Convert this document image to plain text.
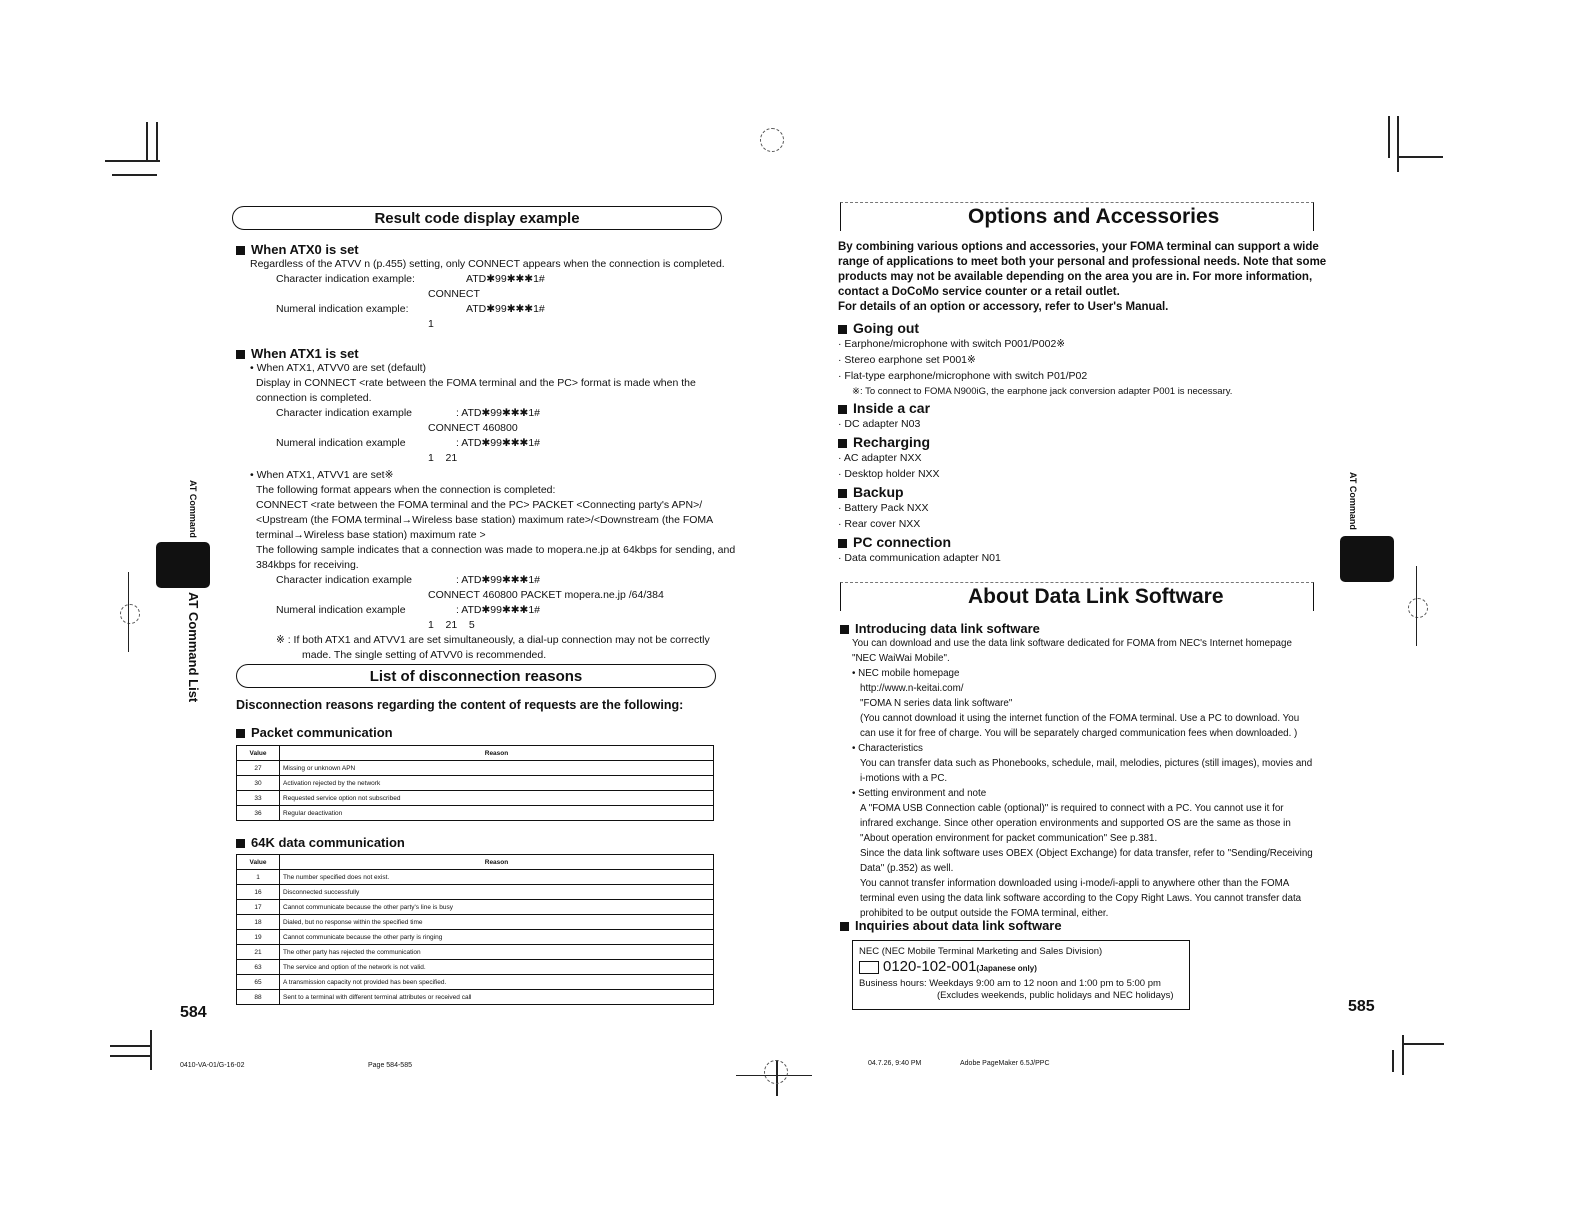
Result code display example
When ATX0 is set
Regardless of the ATVV n (p.455) setting, only CONNECT appears when the connection is completed.
Character indication example:	ATD✱99✱✱✱1#
CONNECT
Numeral indication example:	ATD✱99✱✱✱1#
1
When ATX1 is set
• When ATX1, ATVV0 are set (default)
Display in CONNECT <rate between the FOMA terminal and the PC> format is made when the
connection is completed.
Character indication example	: ATD✱99✱✱✱1#
CONNECT 460800
Numeral indication example	: ATD✱99✱✱✱1#
1    21
• When ATX1, ATVV1 are set※
The following format appears when the connection is completed:
CONNECT <rate between the FOMA terminal and the PC> PACKET <Connecting party's APN>/
<Upstream (the FOMA terminal→Wireless base station) maximum rate>/<Downstream (the FOMA
terminal→Wireless base station) maximum rate >
The following sample indicates that a connection was made to mopera.ne.jp at 64kbps for sending, and
384kbps for receiving.
Character indication example	: ATD✱99✱✱✱1#
CONNECT 460800 PACKET mopera.ne.jp /64/384
Numeral indication example	: ATD✱99✱✱✱1#
1    21    5
※ : If both ATX1 and ATVV1 are set simultaneously, a dial-up connection may not be correctly
made. The single setting of ATVV0 is recommended.
List of disconnection reasons
Disconnection reasons regarding the content of requests are the following:
Packet communication
Value	Reason
27	Missing or unknown APN
30	Activation rejected by the network
33	Requested service option not subscribed
36	Regular deactivation
64K data communication
Value	Reason
1	The number specified does not exist.
16	Disconnected successfully
17	Cannot communicate because the other party's line is busy
18	Dialed, but no response within the specified time
19	Cannot communicate because the other party is ringing
21	The other party has rejected the communication
63	The service and option of the network is not valid.
65	A transmission capacity not provided has been specified.
88	Sent to a terminal with different terminal attributes or received call
584
AT Command
AT Command List
0410-VA-01/G-16-02	Page 584-585
Options and Accessories
By combining various options and accessories, your FOMA terminal can support a wide
range of applications to meet both your personal and professional needs. Note that some
products may not be available depending on the area you are in. For more information,
contact a DoCoMo service counter or a retail outlet.
For details of an option or accessory, refer to User's Manual.
Going out
· Earphone/microphone with switch P001/P002※
· Stereo earphone set P001※
· Flat-type earphone/microphone with switch P01/P02
※: To connect to FOMA N900iG, the earphone jack conversion adapter P001 is necessary.
Inside a car
· DC adapter N03
Recharging
· AC adapter NXX
· Desktop holder NXX
Backup
· Battery Pack NXX
· Rear cover NXX
PC connection
· Data communication adapter N01
About Data Link Software
Introducing data link software
You can download and use the data link software dedicated for FOMA from NEC's Internet homepage
"NEC WaiWai Mobile".
• NEC mobile homepage
http://www.n-keitai.com/
"FOMA N series data link software"
(You cannot download it using the internet function of the FOMA terminal. Use a PC to download. You
can use it for free of charge. You will be separately charged communication fees when downloaded. )
• Characteristics
You can transfer data such as Phonebooks, schedule, mail, melodies, pictures (still images), movies and
i-motions with a PC.
• Setting environment and note
A "FOMA USB Connection cable (optional)" is required to connect with a PC. You cannot use it for
infrared exchange. Since other operation environments and supported OS are the same as those in
"About operation environment for packet communication" See p.381.
Since the data link software uses OBEX (Object Exchange) for data transfer, refer to "Sending/Receiving
Data" (p.352) as well.
You cannot transfer information downloaded using i-mode/i-appli to anywhere other than the FOMA
terminal even using the data link software according to the Copy Right Laws. You cannot transfer data
prohibited to be output outside the FOMA terminal, either.
Inquiries about data link software
NEC (NEC Mobile Terminal Marketing and Sales Division)
0120-102-001(Japanese only)
Business hours: Weekdays 9:00 am to 12 noon and 1:00 pm to 5:00 pm
(Excludes weekends, public holidays and NEC holidays)
585
AT Command
04.7.26, 9:40 PM	Adobe PageMaker 6.5J/PPC
